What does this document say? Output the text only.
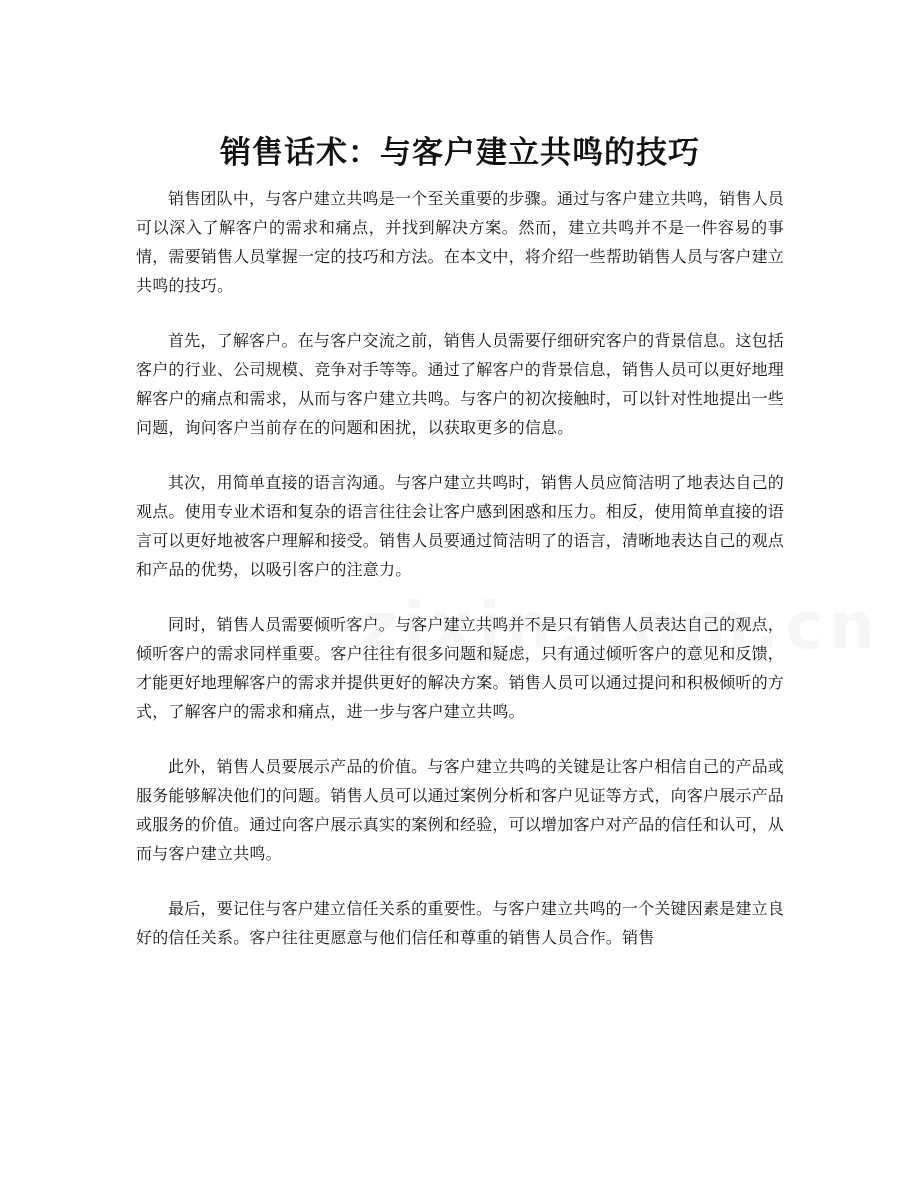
销售话术：与客户建立共鸣的技巧

销售团队中，与客户建立共鸣是一个至关重要的步骤。通过与客户建立共鸣，销售人员可以深入了解客户的需求和痛点，并找到解决方案。然而，建立共鸣并不是一件容易的事情，需要销售人员掌握一定的技巧和方法。在本文中，将介绍一些帮助销售人员与客户建立共鸣的技巧。

首先，了解客户。在与客户交流之前，销售人员需要仔细研究客户的背景信息。这包括客户的行业、公司规模、竞争对手等等。通过了解客户的背景信息，销售人员可以更好地理解客户的痛点和需求，从而与客户建立共鸣。与客户的初次接触时，可以针对性地提出一些问题，询问客户当前存在的问题和困扰，以获取更多的信息。

其次，用简单直接的语言沟通。与客户建立共鸣时，销售人员应简洁明了地表达自己的观点。使用专业术语和复杂的语言往往会让客户感到困惑和压力。相反，使用简单直接的语言可以更好地被客户理解和接受。销售人员要通过简洁明了的语言，清晰地表达自己的观点和产品的优势，以吸引客户的注意力。

同时，销售人员需要倾听客户。与客户建立共鸣并不是只有销售人员表达自己的观点，倾听客户的需求同样重要。客户往往有很多问题和疑虑，只有通过倾听客户的意见和反馈，才能更好地理解客户的需求并提供更好的解决方案。销售人员可以通过提问和积极倾听的方式，了解客户的需求和痛点，进一步与客户建立共鸣。

此外，销售人员要展示产品的价值。与客户建立共鸣的关键是让客户相信自己的产品或服务能够解决他们的问题。销售人员可以通过案例分析和客户见证等方式，向客户展示产品或服务的价值。通过向客户展示真实的案例和经验，可以增加客户对产品的信任和认可，从而与客户建立共鸣。

最后，要记住与客户建立信任关系的重要性。与客户建立共鸣的一个关键因素是建立良好的信任关系。客户往往更愿意与他们信任和尊重的销售人员合作。销售
